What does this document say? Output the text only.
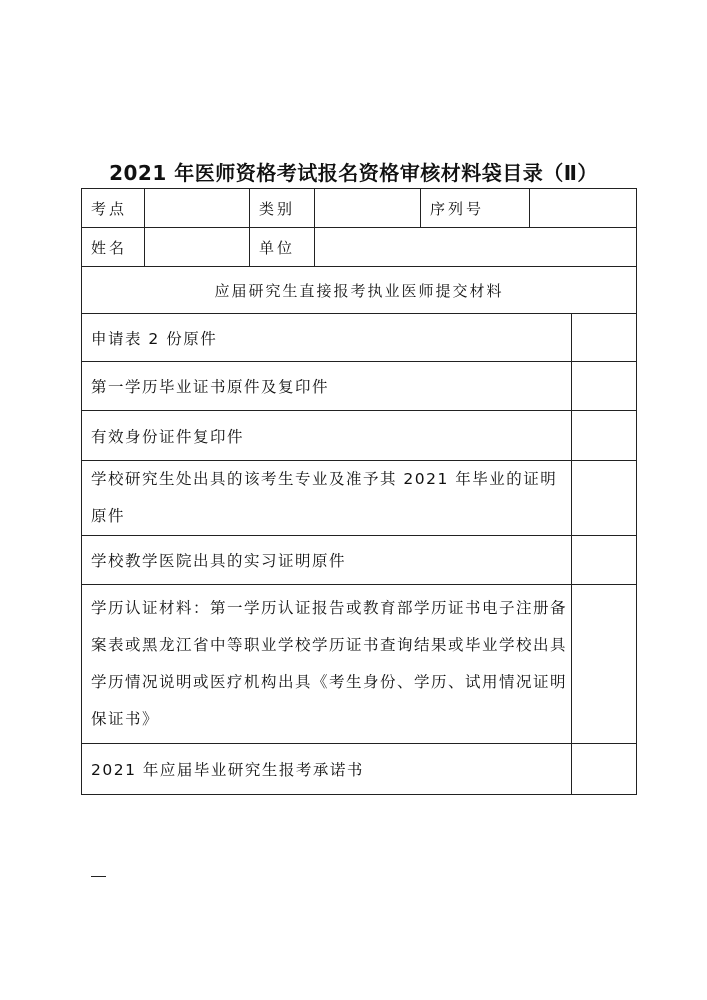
2021 年医师资格考试报名资格审核材料袋目录（Ⅱ）
考点		类别		序列号	
姓名		单位			
应届研究生直接报考执业医师提交材料					
申请表 2 份原件	
第一学历毕业证书原件及复印件	
有效身份证件复印件	
学校研究生处出具的该考生专业及准予其 2021 年毕业的证明原件	
学校教学医院出具的实习证明原件	
学历认证材料：第一学历认证报告或教育部学历证书电子注册备案表或黑龙江省中等职业学校学历证书查询结果或毕业学校出具学历情况说明或医疗机构出具《考生身份、学历、试用情况证明保证书》	
2021 年应届毕业研究生报考承诺书	
